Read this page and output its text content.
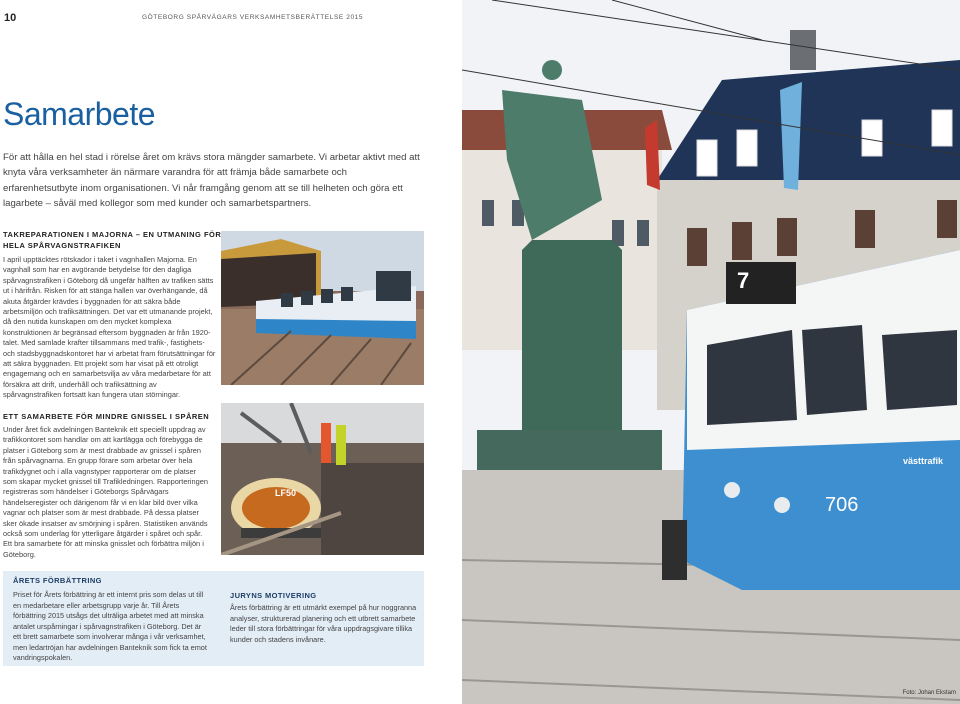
10	GÖTEBORG SPÅRVÄGARS VERKSAMHETSBERÄTTELSE 2015
Samarbete
För att hålla en hel stad i rörelse året om krävs stora mängder samarbete. Vi arbetar aktivt med att knyta våra verksamheter än närmare varandra för att främja både samarbete och erfarenhetsutbyte inom organisationen. Vi når framgång genom att se till helheten och göra ett lagarbete – såväl med kollegor som med kunder och samarbetspartners.
TAKREPARATIONEN I MAJORNA – EN UTMANING FÖR
HELA SPÅRVAGNSTRAFIKEN
I april upptäcktes rötskador i taket i vagnhallen Majorna. En vagnhall som har en avgörande betydelse för den dagliga spårvagnstrafiken i Göteborg då ungefär hälften av trafiken sätts ut i härifrån. Risken för att stänga hallen var överhängande, då akuta åtgärder krävdes i byggnaden för att säkra både arbetsmiljön och trafiksättningen. Det var ett utmanande projekt, då den nutida kunskapen om den mycket komplexa konstruktionen är begränsad eftersom byggnaden är från 1920-talet. Med samlade krafter tillsammans med trafik-, fastighets- och stadsbyggnadskontoret har vi arbetat fram förutsättningar för att säkra byggnaden. Ett projekt som har visat på ett otroligt engagemang och en samarbetsvilja av våra medarbetare för att försäkra att drift, underhåll och trafiksättning av spårvagnstrafiken fortsatt kan fungera utan störningar.
ETT SAMARBETE FÖR MINDRE GNISSEL I SPÅREN
Under året fick avdelningen Banteknik ett speciellt uppdrag av trafikkontoret som handlar om att kartlägga och förebygga de platser i Göteborg som är mest drabbade av gnissel i spåren från spårvagnarna. En grupp förare som arbetar över hela trafikdygnet och i alla vagnstyper rapporterar om de platser som skapar mycket gnissel till Trafikledningen. Rapporteringen registreras som händelser i Göteborgs Spårvägars händelseregister och därigenom får vi en klar bild över vilka vagnar och platser som är mest drabbade. På dessa platser sker ökade insatser av smörjning i spåren. Statistiken används också som underlag för ytterligare åtgärder i spåret och spår. Ett bra samarbete för att minska gnisslet och förbättra miljön i Göteborg.
LF50
ÅRETS FÖRBÄTTRING
Priset för Årets förbättring är ett internt pris som delas ut till en medarbetare eller arbetsgrupp varje år. Till Årets förbättring 2015 utsågs det ulträliga arbetet med att minska antalet urspårningar i spårvagnstrafiken i Göteborg. Det är ett brett samarbete som involverar många i vår verksamhet, men ledartröjan har avdelningen Banteknik som fick ta emot vandringspokalen.
JURYNS MOTIVERING
Årets förbättring är ett utmärkt exempel på hur noggranna analyser, strukturerad planering och ett utbrett samarbete leder till stora förbättringar för våra uppdragsgivare tillika kunder och stadens invånare.
7
706
västtrafik
Foto: Johan Ekstam
